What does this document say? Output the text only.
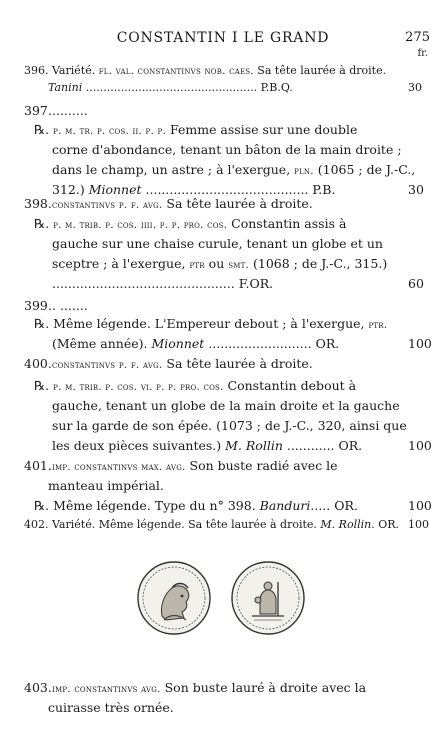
CONSTANTIN I LE GRAND	275
fr.
396. Variété. fl. val. constantinvs nob. caes. Sa tête laurée à droite.
Tanini ................................................. P.B.Q.	30
397. .........
℞. p. m. tr. p. cos. ii. p. p. Femme assise sur une double
corne d'abondance, tenant un bâton de la main droite ;
dans le champ, un astre ; à l'exergue, pln. (1065 ; de J.-C.,
312.) Mionnet ......................................... P.B.	30
398. constantinvs p. f. avg. Sa tête laurée à droite.
℞. p. m. trib. p. cos. iiii. p. p. pro. cos. Constantin assis à
gauche sur une chaise curule, tenant un globe et un
sceptre ; à l'exergue, ptr ou smt. (1068 ; de J.-C., 315.)
.............................................. F.OR.	60
399. . .......
℞. Même légende. L'Empereur debout ; à l'exergue, ptr.
(Même année). Mionnet .......................... OR.	100
400. constantinvs p. f. avg. Sa tête laurée à droite.
℞. p. m. trib. p. cos. vi. p. p. pro. cos. Constantin debout à
gauche, tenant un globe de la main droite et la gauche
sur la garde de son épée. (1073 ; de J.-C., 320, ainsi que
les deux pièces suivantes.) M. Rollin ............ OR.	100
401. imp. constantinvs max. avg. Son buste radié avec le
manteau impérial.
℞. Même légende. Type du n° 398. Banduri..... OR.	100
402. Variété. Même légende. Sa tête laurée à droite. M. Rollin. OR. 100
403. imp. constantinvs avg. Son buste lauré à droite avec la
cuirasse très ornée.
